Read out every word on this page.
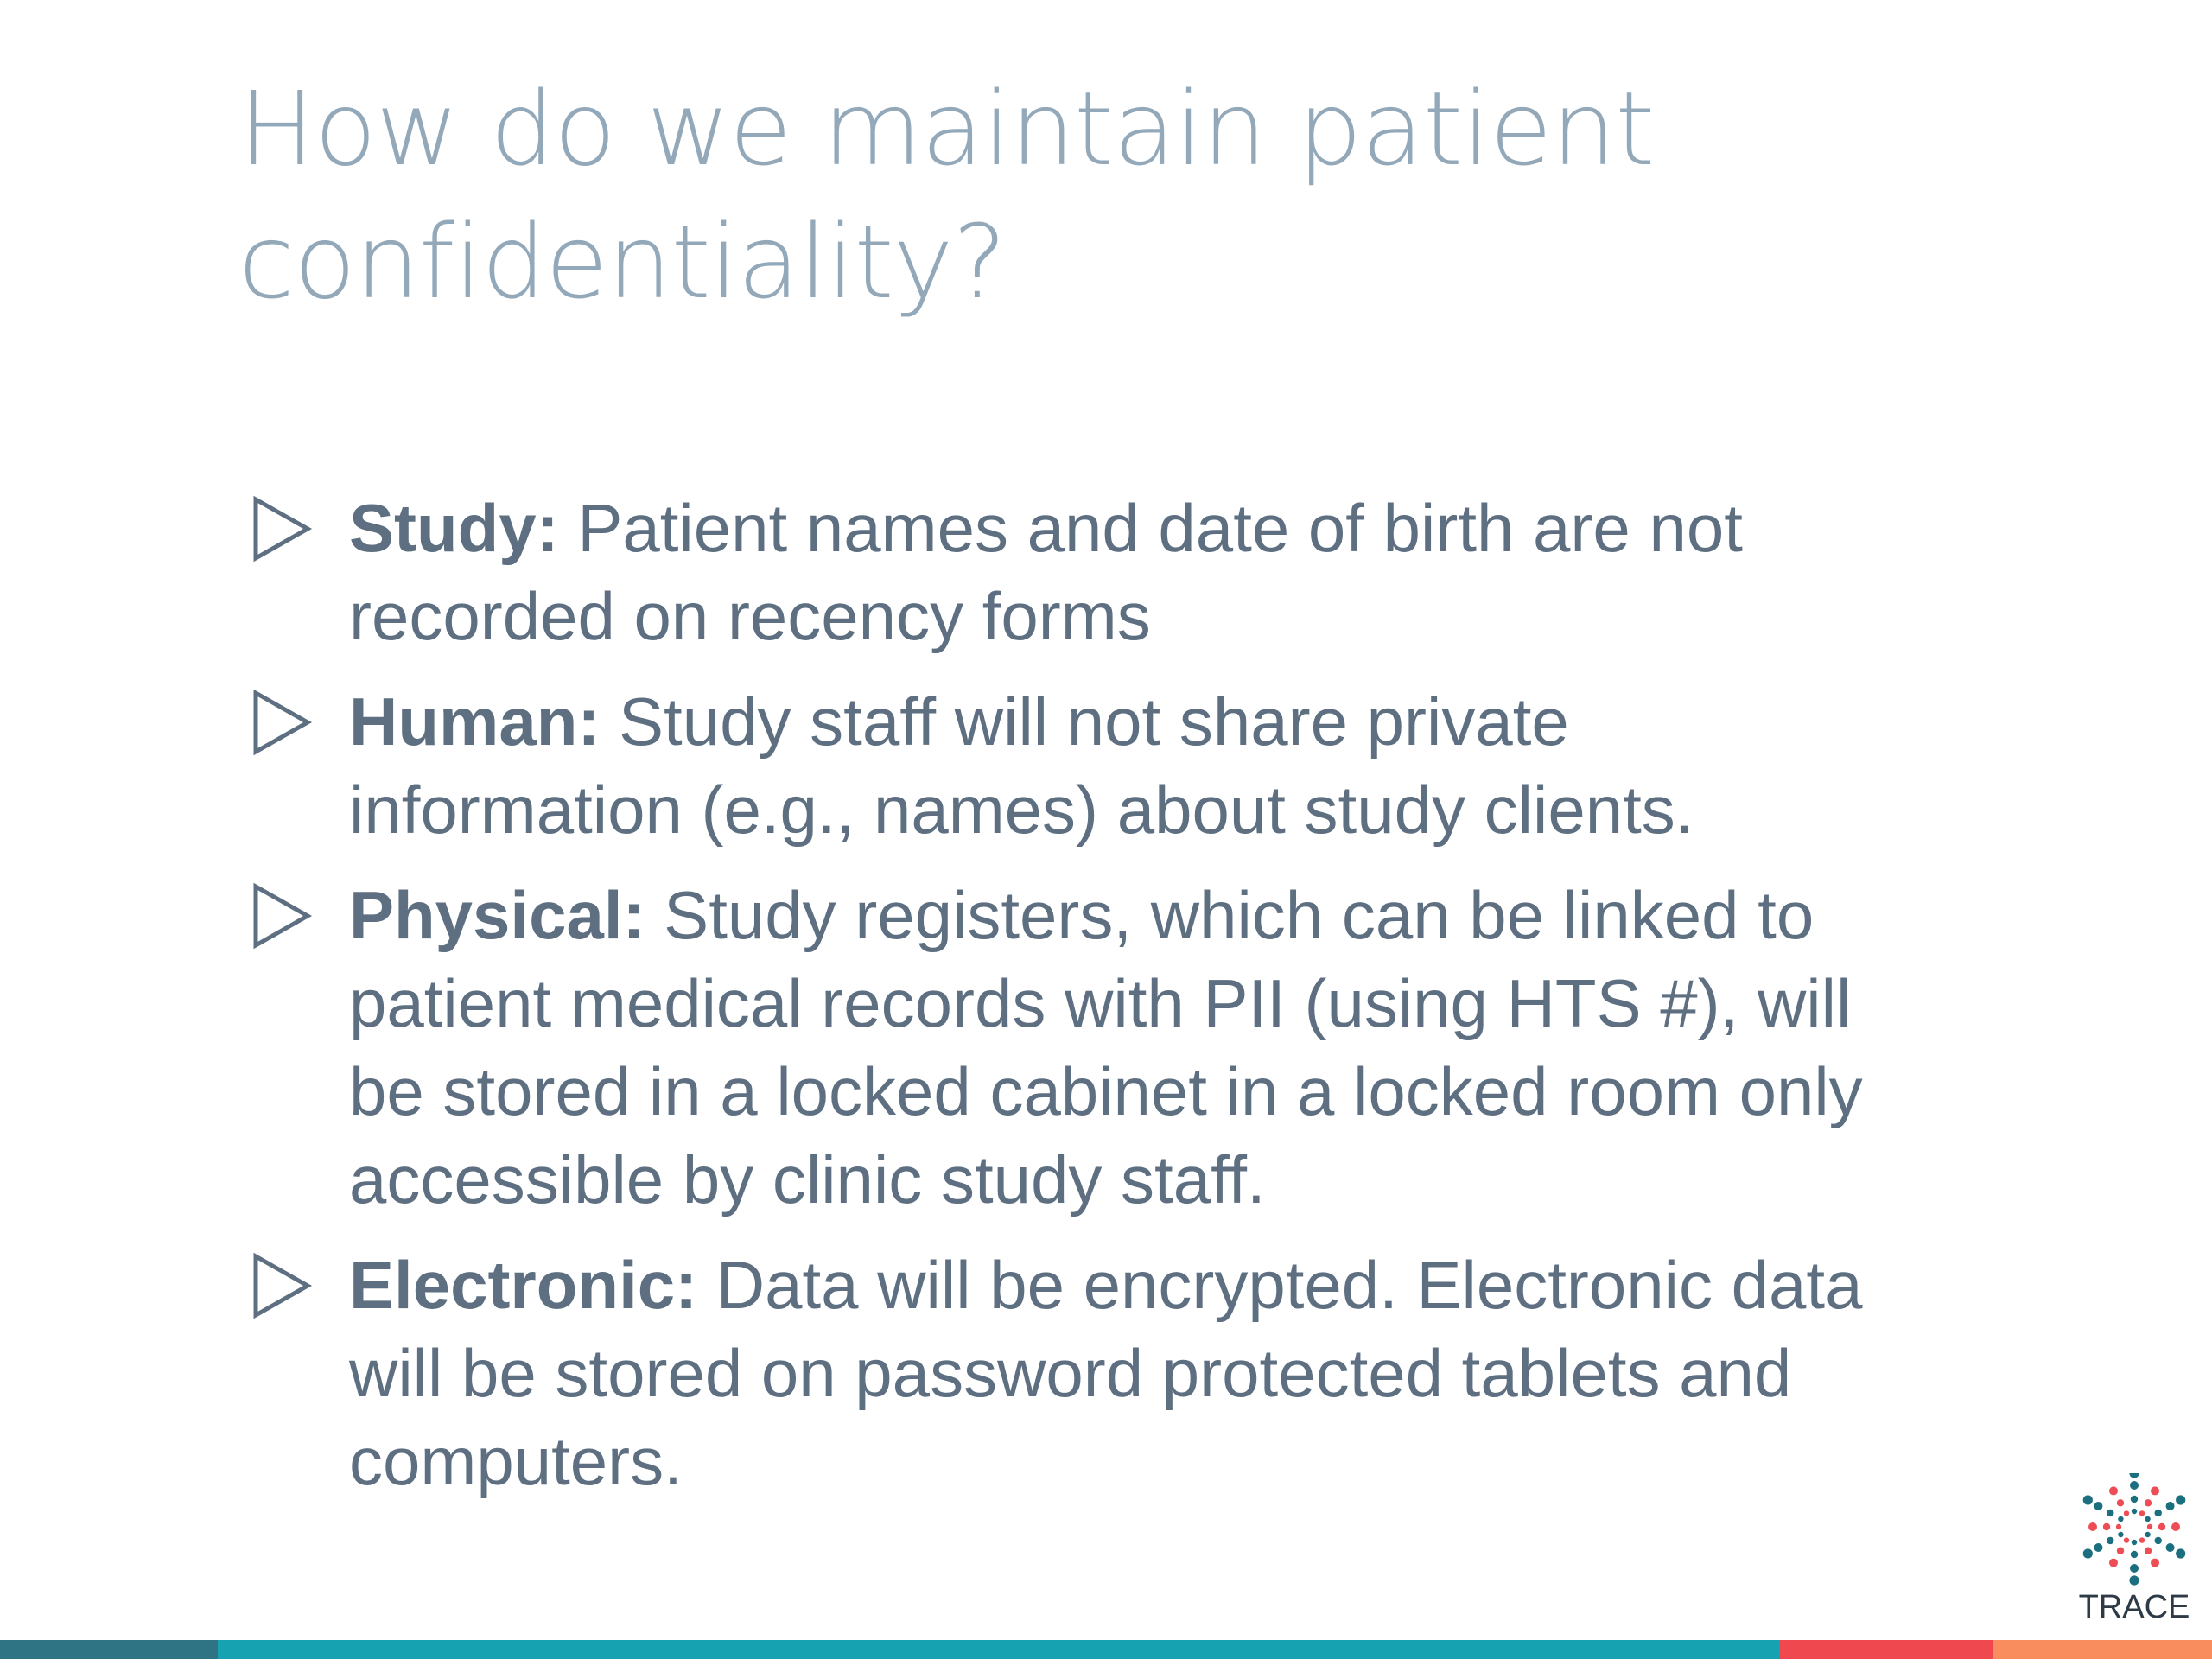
How do we maintain patient
confidentiality?
Study: Patient names and date of birth are not recorded on recency forms
Human: Study staff will not share private information (e.g., names) about study clients.
Physical: Study registers, which can be linked to patient medical records with PII (using HTS #), will be stored in a locked cabinet in a locked room only accessible by clinic study staff.
Electronic: Data will be encrypted. Electronic data will be stored on password protected tablets and computers.
TRACE
